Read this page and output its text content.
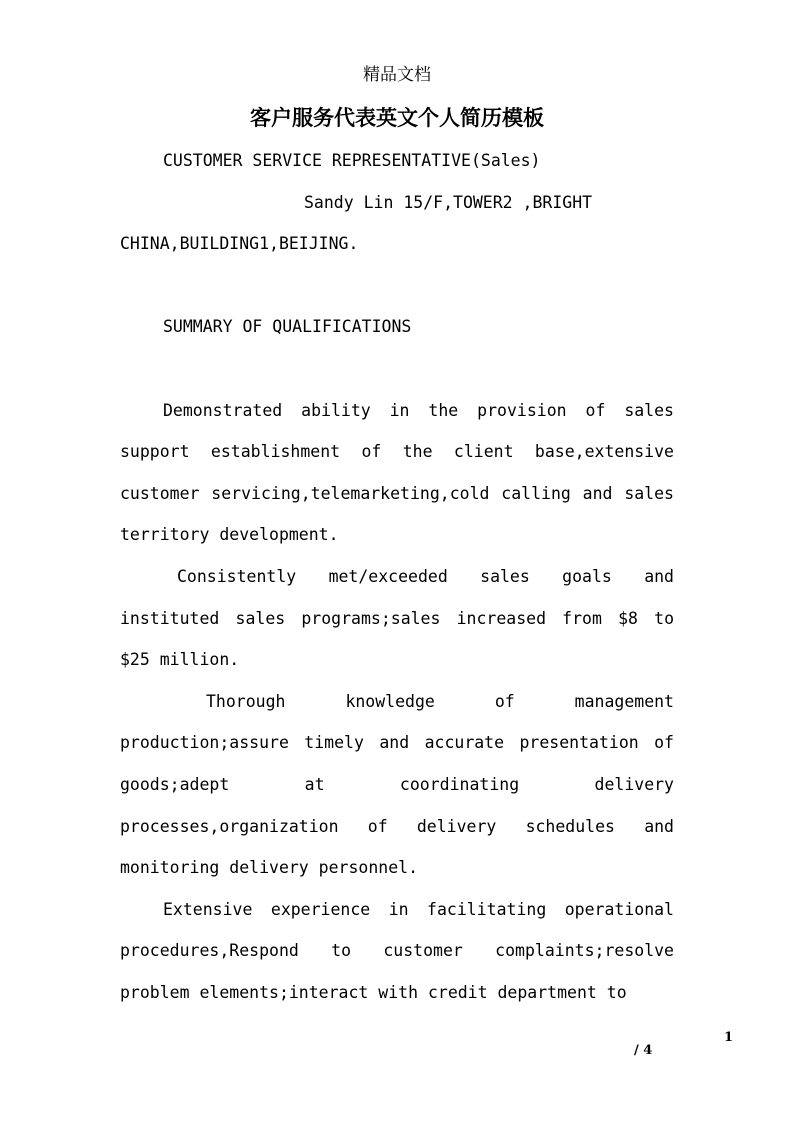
精品文档
客户服务代表英文个人简历模板

CUSTOMER SERVICE REPRESENTATIVE(Sales)

Sandy Lin 15/F,TOWER2 ,BRIGHT

CHINA,BUILDING1,BEIJING.

SUMMARY OF QUALIFICATIONS

Demonstrated ability in the provision of sales support establishment of the client base,extensive customer servicing,telemarketing,cold calling and sales territory development.

Consistently met/exceeded sales goals and instituted sales programs;sales increased from $8 to $25 million.

Thorough knowledge of management production;assure timely and accurate presentation of goods;adept at coordinating delivery processes,organization of delivery schedules and monitoring delivery personnel.

Extensive experience in facilitating operational procedures,Respond to customer complaints;resolve problem elements;interact with credit department to

1
/ 4
